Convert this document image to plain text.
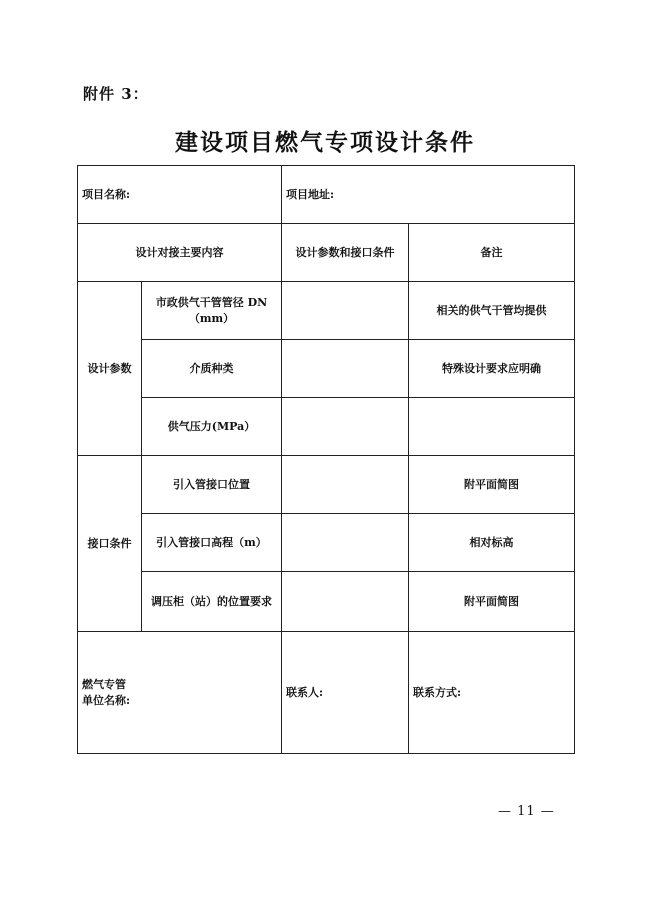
附件 3：
建设项目燃气专项设计条件
项目名称:		项目地址:	
设计对接主要内容		设计参数和接口条件	备注
设计参数	市政供气干管管径 DN（mm）		相关的供气干管均提供
	介质种类		特殊设计要求应明确
	供气压力(MPa）		
接口条件	引入管接口位置		附平面简图
	引入管接口高程（m）		相对标高
	调压柜（站）的位置要求		附平面简图

燃气专管
单位名称:		联系人:	联系方式:
— 11 —
